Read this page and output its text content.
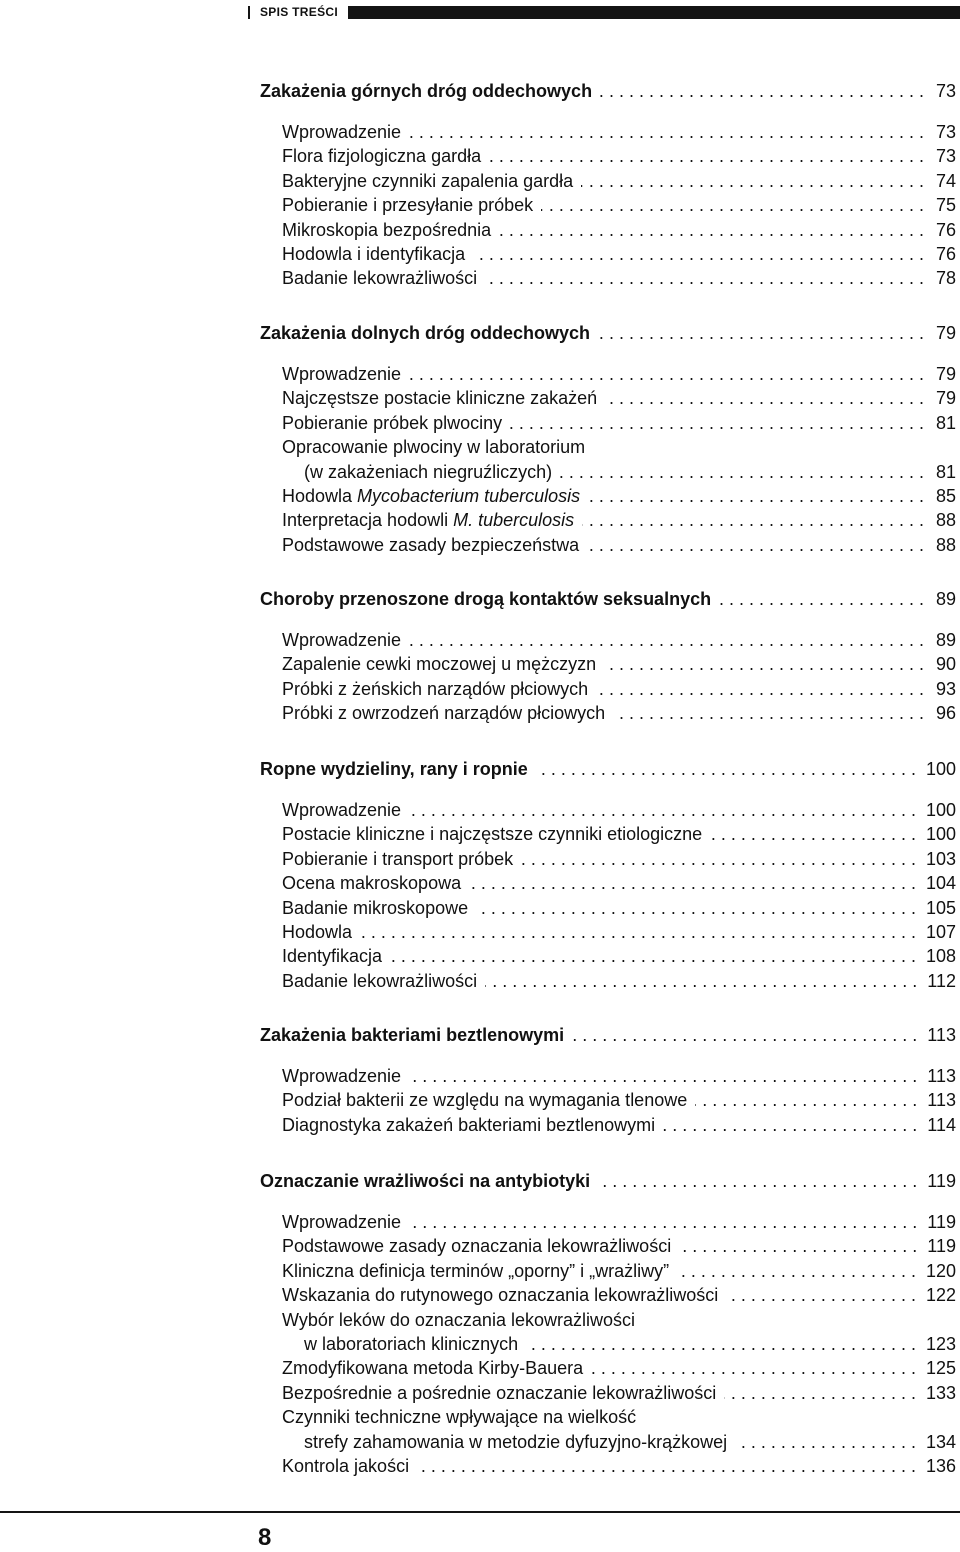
SPIS TREŚCI
Zakażenia górnych dróg oddechowych . . .	73
Wprowadzenie . . .	73
Flora fizjologiczna gardła . . .	73
Bakteryjne czynniki zapalenia gardła . . .	74
Pobieranie i przesyłanie próbek . . .	75
Mikroskopia bezpośrednia . . .	76
Hodowla i identyfikacja . . .	76
Badanie lekowrażliwości . . .	78
Zakażenia dolnych dróg oddechowych . . .	79
Wprowadzenie . . .	79
Najczęstsze postacie kliniczne zakażeń . . .	79
Pobieranie próbek plwociny . . .	81
Opracowanie plwociny w laboratorium
(w zakażeniach niegruźliczych) . . .	81
Hodowla Mycobacterium tuberculosis . . .	85
Interpretacja hodowli M. tuberculosis . . .	88
Podstawowe zasady bezpieczeństwa . . .	88
Choroby przenoszone drogą kontaktów seksualnych . . .	89
Wprowadzenie . . .	89
Zapalenie cewki moczowej u mężczyzn . . .	90
Próbki z żeńskich narządów płciowych . . .	93
Próbki z owrzodzeń narządów płciowych . . .	96
Ropne wydzieliny, rany i ropnie . . .	100
Wprowadzenie . . .	100
Postacie kliniczne i najczęstsze czynniki etiologiczne . . .	100
Pobieranie i transport próbek . . .	103
Ocena makroskopowa . . .	104
Badanie mikroskopowe . . .	105
Hodowla . . .	107
Identyfikacja . . .	108
Badanie lekowrażliwości . . .	112
Zakażenia bakteriami beztlenowymi . . .	113
Wprowadzenie . . .	113
Podział bakterii ze względu na wymagania tlenowe . . .	113
Diagnostyka zakażeń bakteriami beztlenowymi . . .	114
Oznaczanie wrażliwości na antybiotyki . . .	119
Wprowadzenie . . .	119
Podstawowe zasady oznaczania lekowrażliwości . . .	119
Kliniczna definicja terminów „oporny” i „wrażliwy” . . .	120
Wskazania do rutynowego oznaczania lekowrażliwości . . .	122
Wybór leków do oznaczania lekowrażliwości
w laboratoriach klinicznych . . .	123
Zmodyfikowana metoda Kirby-Bauera . . .	125
Bezpośrednie a pośrednie oznaczanie lekowrażliwości . . .	133
Czynniki techniczne wpływające na wielkość
strefy zahamowania w metodzie dyfuzyjno-krążkowej . . .	134
Kontrola jakości . . .	136
8
